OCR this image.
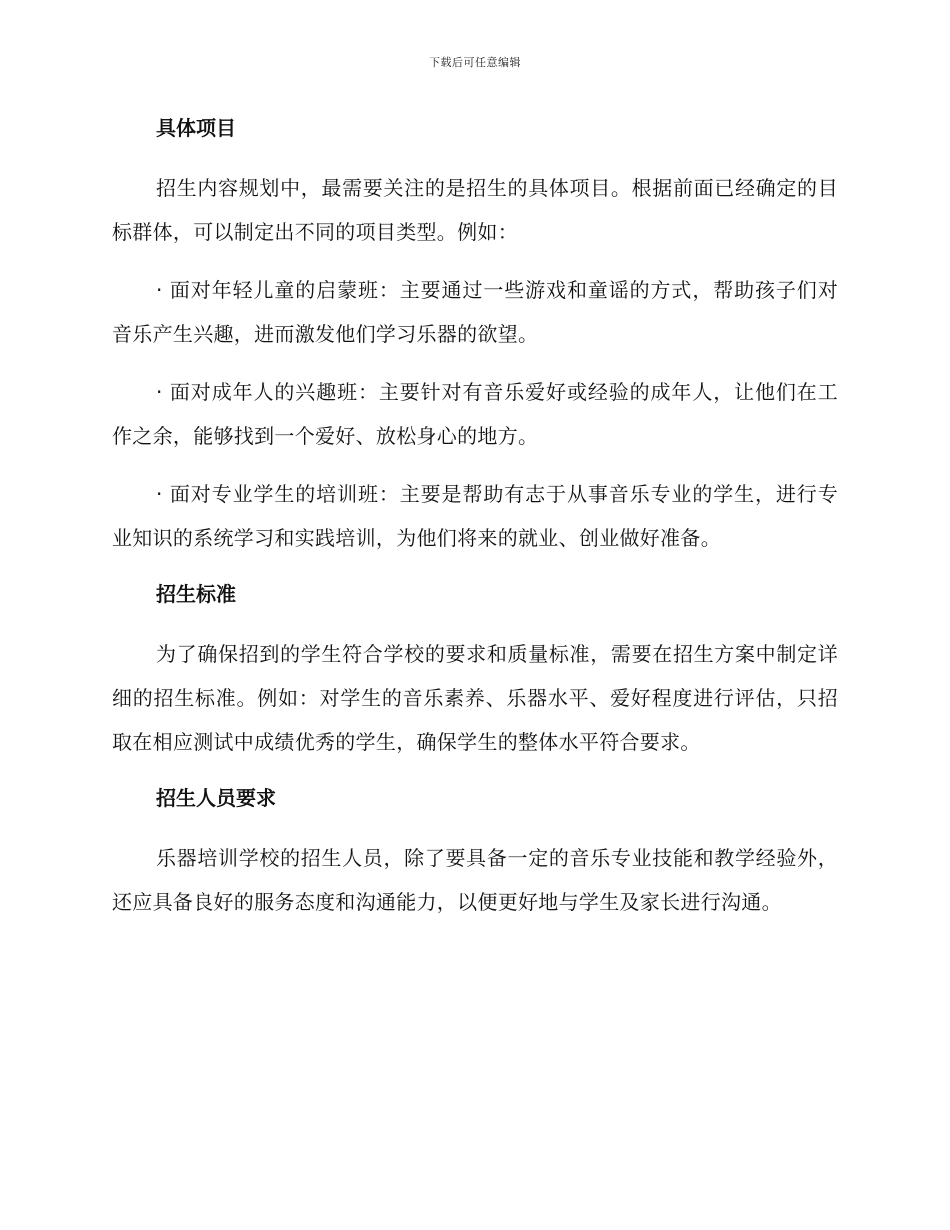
下载后可任意编辑
具体项目

招生内容规划中，最需要关注的是招生的具体项目。根据前面已经确定的目标群体，可以制定出不同的项目类型。例如：

· 面对年轻儿童的启蒙班：主要通过一些游戏和童谣的方式，帮助孩子们对音乐产生兴趣，进而激发他们学习乐器的欲望。

· 面对成年人的兴趣班：主要针对有音乐爱好或经验的成年人，让他们在工作之余，能够找到一个爱好、放松身心的地方。

· 面对专业学生的培训班：主要是帮助有志于从事音乐专业的学生，进行专业知识的系统学习和实践培训，为他们将来的就业、创业做好准备。

招生标准

为了确保招到的学生符合学校的要求和质量标准，需要在招生方案中制定详细的招生标准。例如：对学生的音乐素养、乐器水平、爱好程度进行评估，只招取在相应测试中成绩优秀的学生，确保学生的整体水平符合要求。

招生人员要求

乐器培训学校的招生人员，除了要具备一定的音乐专业技能和教学经验外，还应具备良好的服务态度和沟通能力，以便更好地与学生及家长进行沟通。
